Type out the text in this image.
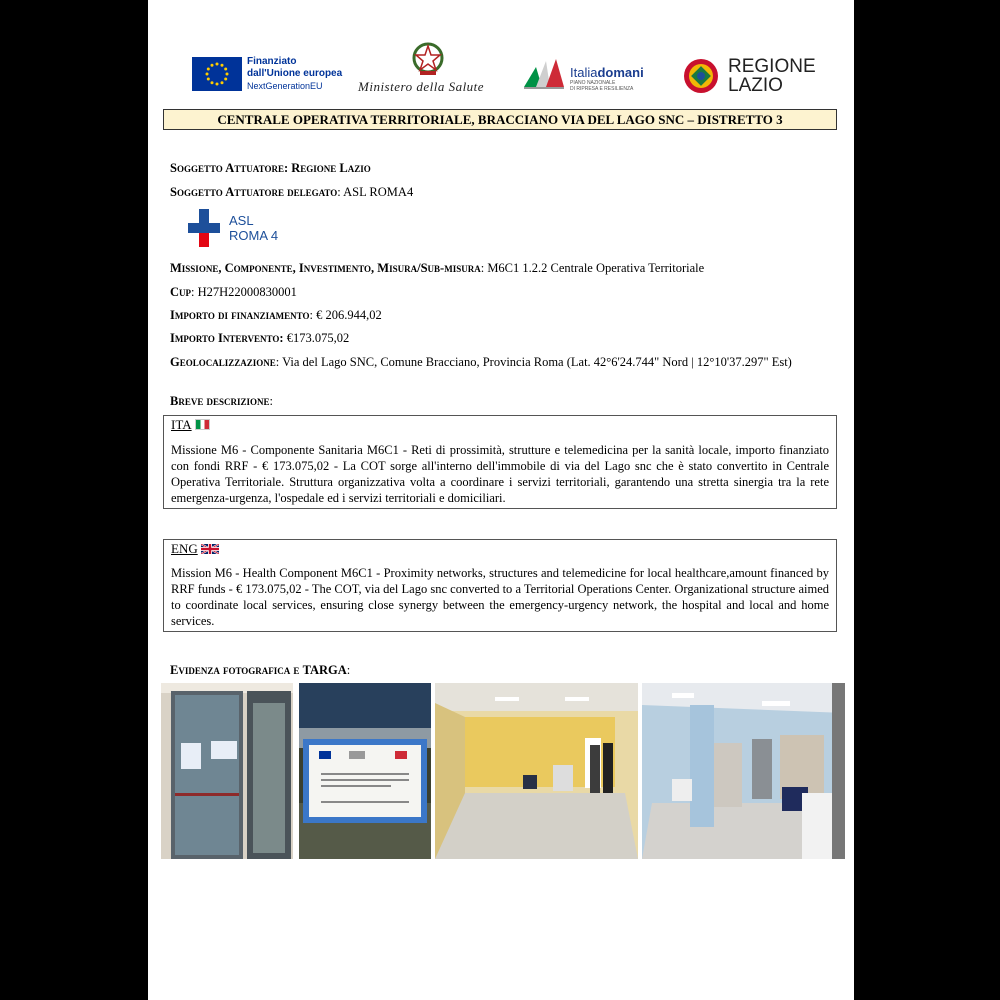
Finanziato
dall'Unione europea
NextGenerationEU	Ministero della Salute
Italiadomani
PIANO NAZIONALE
DI RIPRESA E RESILIENZA
REGIONE
LAZIO
CENTRALE OPERATIVA TERRITORIALE, BRACCIANO VIA DEL LAGO SNC – DISTRETTO 3
Soggetto Attuatore: Regione Lazio
Soggetto Attuatore delegato: ASL ROMA4
ASL
ROMA 4
Missione, Componente, Investimento, Misura/Sub-misura: M6C1 1.2.2 Centrale Operativa Territoriale
Cup: H27H22000830001
Importo di finanziamento: € 206.944,02
Importo Intervento: €173.075,02
Geolocalizzazione: Via del Lago SNC, Comune Bracciano, Provincia Roma (Lat. 42°6'24.744" Nord | 12°10'37.297" Est)
Breve descrizione:
ITA
Missione M6 - Componente Sanitaria M6C1 - Reti di prossimità, strutture e telemedicina per la sanità locale, importo finanziato con fondi RRF - € 173.075,02 - La COT sorge all'interno dell'immobile di via del Lago snc che è stato convertito in Centrale Operativa Territoriale. Struttura organizzativa volta a coordinare i servizi territoriali, garantendo una stretta sinergia tra la rete emergenza-urgenza, l'ospedale ed i servizi territoriali e domiciliari.
ENG
Mission M6 - Health Component M6C1 - Proximity networks, structures and telemedicine for local healthcare,amount financed by RRF funds - € 173.075,02 - The COT, via del Lago snc converted to a Territorial Operations Center. Organizational structure aimed to coordinate local services, ensuring close synergy between the emergency-urgency network, the hospital and local and home services.
Evidenza fotografica e TARGA:
